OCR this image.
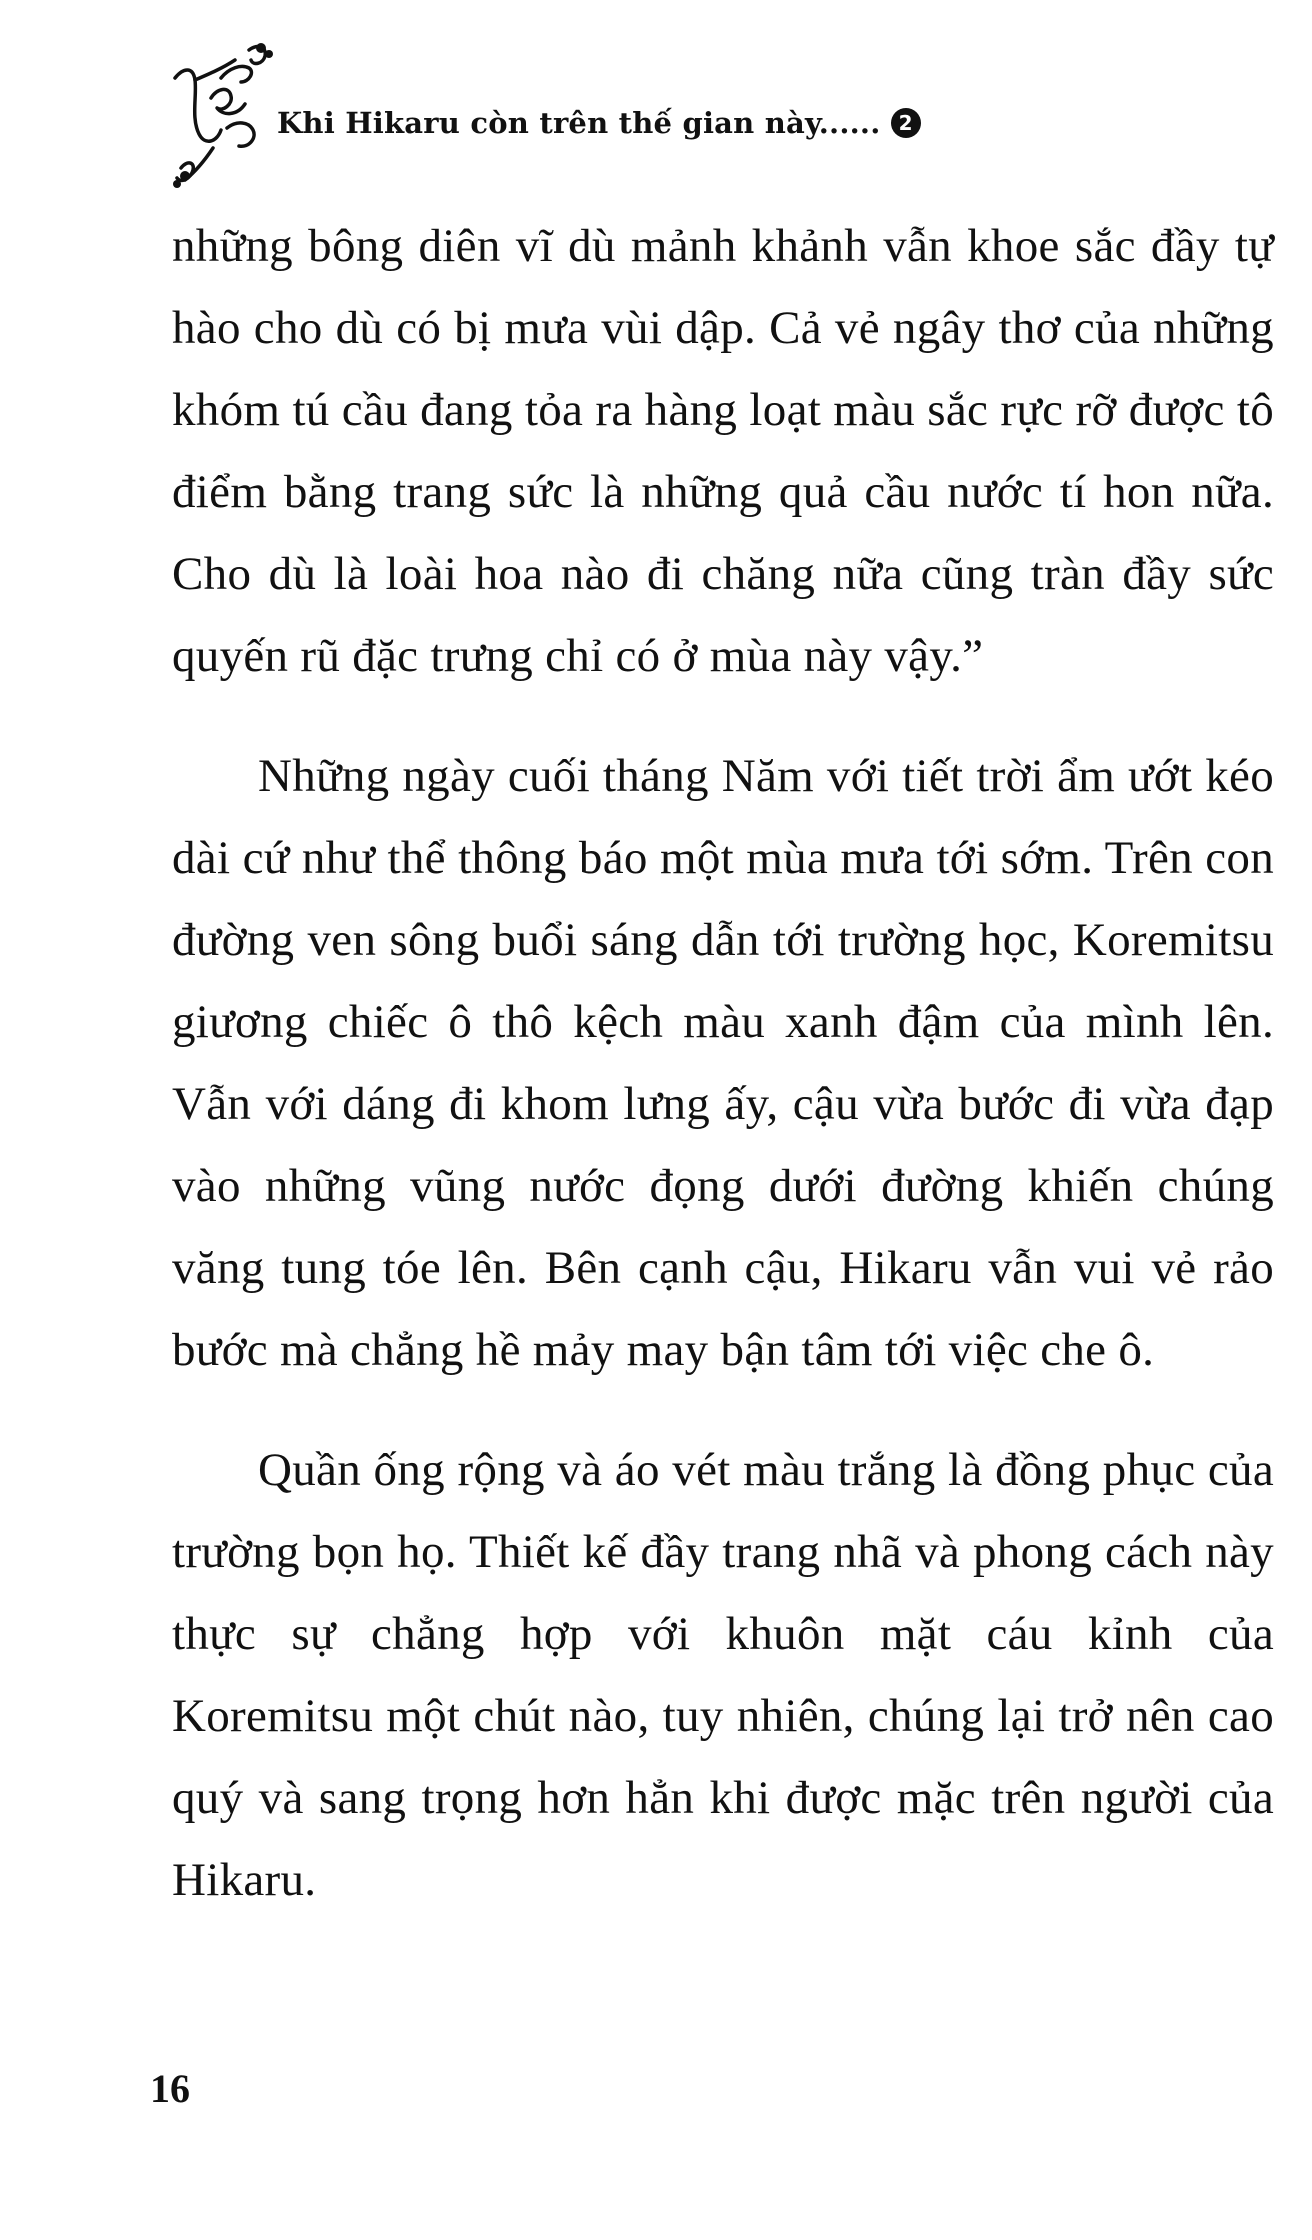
Khi Hikaru còn trên thế gian này...... 2

những bông diên vĩ dù mảnh khảnh vẫn khoe sắc đầy tự hào cho dù có bị mưa vùi dập. Cả vẻ ngây thơ của những khóm tú cầu đang tỏa ra hàng loạt màu sắc rực rỡ được tô điểm bằng trang sức là những quả cầu nước tí hon nữa. Cho dù là loài hoa nào đi chăng nữa cũng tràn đầy sức quyến rũ đặc trưng chỉ có ở mùa này vậy.”

Những ngày cuối tháng Năm với tiết trời ẩm ướt kéo dài cứ như thể thông báo một mùa mưa tới sớm. Trên con đường ven sông buổi sáng dẫn tới trường học, Koremitsu giương chiếc ô thô kệch màu xanh đậm của mình lên. Vẫn với dáng đi khom lưng ấy, cậu vừa bước đi vừa đạp vào những vũng nước đọng dưới đường khiến chúng văng tung tóe lên. Bên cạnh cậu, Hikaru vẫn vui vẻ rảo bước mà chẳng hề mảy may bận tâm tới việc che ô.

Quần ống rộng và áo vét màu trắng là đồng phục của trường bọn họ. Thiết kế đầy trang nhã và phong cách này thực sự chẳng hợp với khuôn mặt cáu kỉnh của Koremitsu một chút nào, tuy nhiên, chúng lại trở nên cao quý và sang trọng hơn hẳn khi được mặc trên người của Hikaru.

16
